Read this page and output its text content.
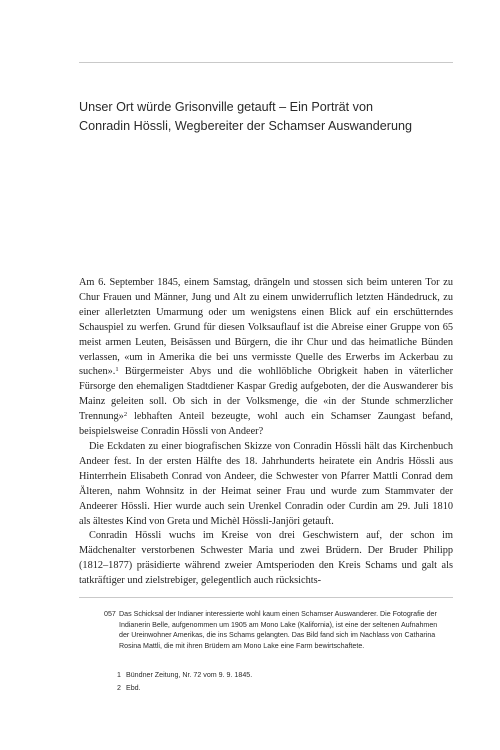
Unser Ort würde Grisonville getauft – Ein Porträt von Conradin Hössli, Wegbereiter der Schamser Auswanderung

Am 6. September 1845, einem Samstag, drängeln und stossen sich beim unteren Tor zu Chur Frauen und Männer, Jung und Alt zu einem unwiderruflich letzten Händedruck, zu einer allerletzten Umarmung oder um wenigstens einen Blick auf ein erschütterndes Schauspiel zu werfen. Grund für diesen Volksauflauf ist die Abreise einer Gruppe von 65 meist armen Leuten, Beisässen und Bürgern, die ihr Chur und das heimatliche Bünden verlassen, «um in Amerika die bei uns vermisste Quelle des Erwerbs im Ackerbau zu suchen».$^1$ Bürgermeister Abys und die wohllöbliche Obrigkeit haben in väterlicher Fürsorge den ehemaligen Stadtdiener Kaspar Gredig aufgeboten, der die Auswanderer bis Mainz geleiten soll. Ob sich in der Volksmenge, die «in der Stunde schmerzlicher Trennung»$^2$ lebhaften Anteil bezeugte, wohl auch ein Schamser Zaungast befand, beispielsweise Conradin Hössli von Andeer?

Die Eckdaten zu einer biografischen Skizze von Conradin Hössli hält das Kirchenbuch Andeer fest. In der ersten Hälfte des 18. Jahrhunderts heiratete ein Andris Hössli aus Hinterrhein Elisabeth Conrad von Andeer, die Schwester von Pfarrer Mattli Conrad dem Älteren, nahm Wohnsitz in der Heimat seiner Frau und wurde zum Stammvater der Andeerer Hössli. Hier wurde auch sein Urenkel Conradin oder Curdin am 29. Juli 1810 als ältestes Kind von Greta und Michèl Hössli-Janjöri getauft.

Conradin Hössli wuchs im Kreise von drei Geschwistern auf, der schon im Mädchenalter verstorbenen Schwester Maria und zwei Brüdern. Der Bruder Philipp (1812–1877) präsidierte während zweier Amtsperioden den Kreis Schams und galt als tatkräftiger und zielstrebiger, gelegentlich auch rücksichts-

057 Das Schicksal der Indianer interessierte wohl kaum einen Schamser Auswanderer. Die Fotografie der Indianerin Belle, aufgenommen um 1905 am Mono Lake (Kalifornia), ist eine der seltenen Aufnahmen der Ureinwohner Amerikas, die ins Schams gelangten. Das Bild fand sich im Nachlass von Catharina Rosina Mattli, die mit ihren Brüdern am Mono Lake eine Farm bewirtschaftete.
1 Bündner Zeitung, Nr. 72 vom 9. 9. 1845.
2 Ebd.
